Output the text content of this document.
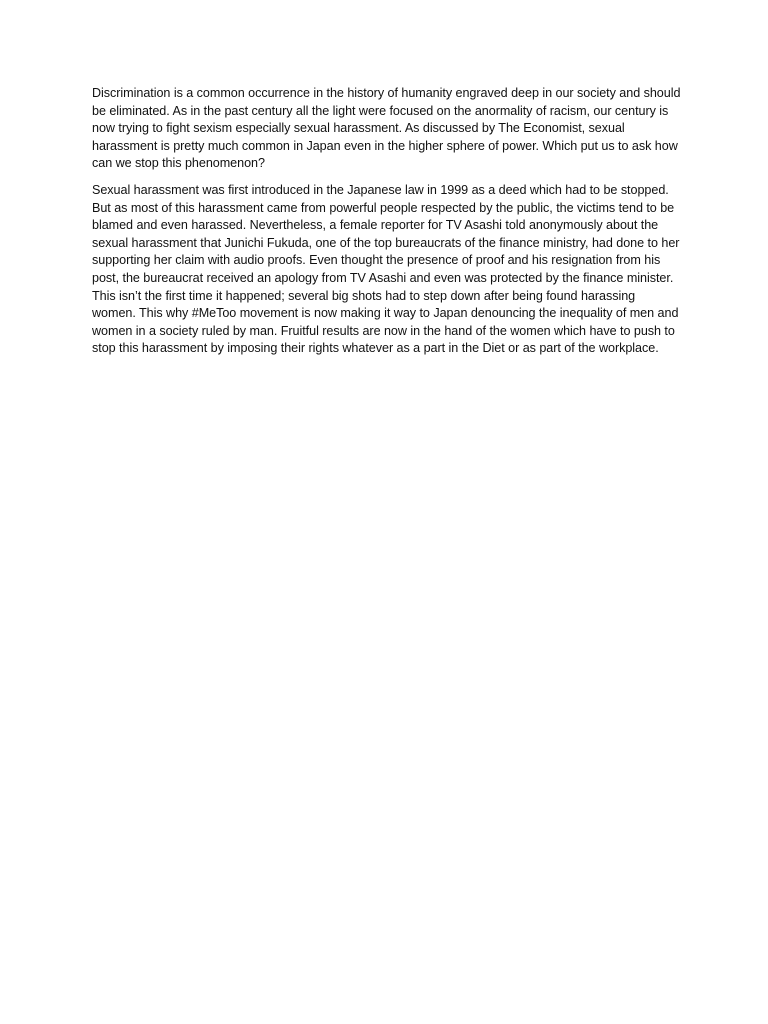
Discrimination is a common occurrence in the history of humanity engraved deep in our society and should be eliminated. As in the past century all the light were focused on the anormality of racism, our century is now trying to fight sexism especially sexual harassment. As discussed by The Economist, sexual harassment is pretty much common in Japan even in the higher sphere of power. Which put us to ask how can we stop this phenomenon?

Sexual harassment was first introduced in the Japanese law in 1999 as a deed which had to be stopped. But as most of this harassment came from powerful people respected by the public, the victims tend to be blamed and even harassed. Nevertheless, a female reporter for TV Asashi told anonymously about the sexual harassment that Junichi Fukuda, one of the top bureaucrats of the finance ministry, had done to her supporting her claim with audio proofs. Even thought the presence of proof and his resignation from his post, the bureaucrat received an apology from TV Asashi and even was protected by the finance minister. This isn’t the first time it happened; several big shots had to step down after being found harassing women. This why #MeToo movement is now making it way to Japan denouncing the inequality of men and women in a society ruled by man. Fruitful results are now in the hand of the women which have to push to stop this harassment by imposing their rights whatever as a part in the Diet or as part of the workplace.
